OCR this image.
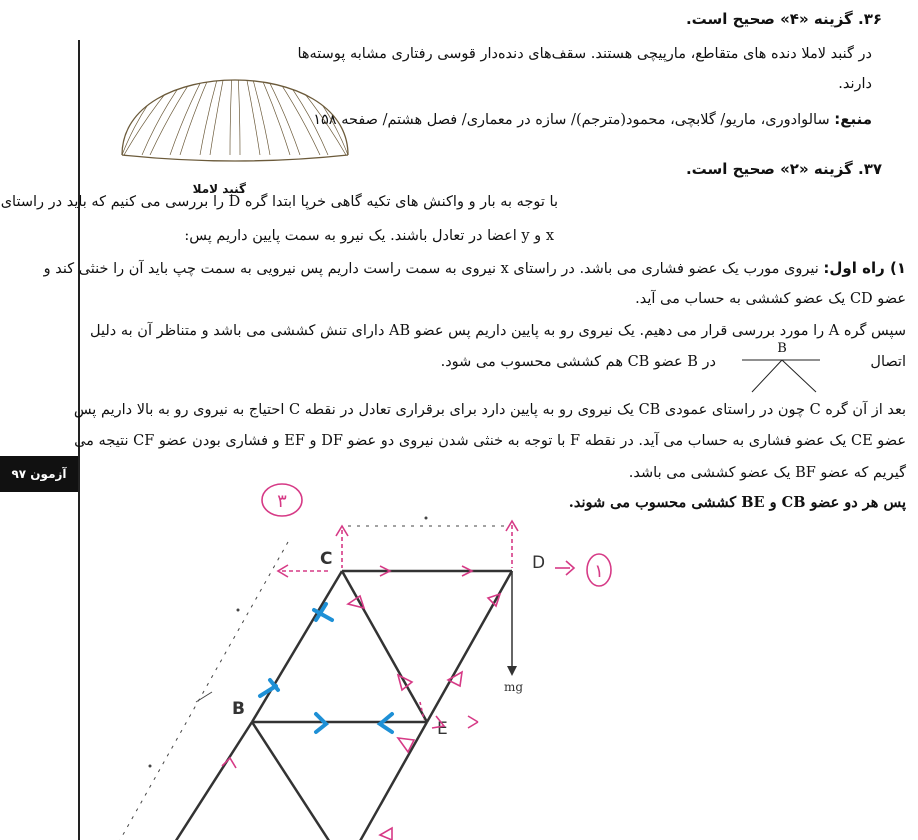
آزمون ۹۷
۳۶. گزینه «۴» صحیح است.
در گنبد لاملا دنده های متقاطع، مارپیچی هستند. سقف‌های دنده‌دار قوسی رفتاری مشابه پوسته‌ها
دارند.
منبع: سالوادوری، ماریو/ گلابچی، محمود(مترجم)/ سازه در معماری/ فصل هشتم/ صفحه ۱۵۸
گنبد لاملا
۳۷. گزینه «۲» صحیح است.
با توجه به بار و واکنش های تکیه گاهی خرپا ابتدا گره D را بررسی می کنیم که باید در راستای
x و y اعضا در تعادل باشند. یک نیرو به سمت پایین داریم پس:
۱) راه اول: نیروی مورب یک عضو فشاری می باشد. در راستای x نیروی به سمت راست داریم پس نیرویی به سمت چپ باید آن را خنثی کند و
عضو CD یک عضو کششی به حساب می آید.
سپس گره A را مورد بررسی قرار می دهیم. یک نیروی رو به پایین داریم پس عضو AB دارای تنش کششی می باشد و متناظر آن به دلیل
اتصال
در B عضو CB هم کششی محسوب می شود.
B
بعد از آن گره C چون در راستای عمودی CB یک نیروی رو به پایین دارد برای برقراری تعادل در نقطه C احتیاج به نیروی رو به بالا داریم پس
عضو CE یک عضو فشاری به حساب می آید. در نقطه F با توجه به خنثی شدن نیروی دو عضو DF و EF و فشاری بودن عضو CF نتیجه می
گیریم که عضو BF یک عضو کششی می باشد.
پس هر دو عضو CB و BE کششی محسوب می شوند.
mg
C	D
B
E
۳
۱
